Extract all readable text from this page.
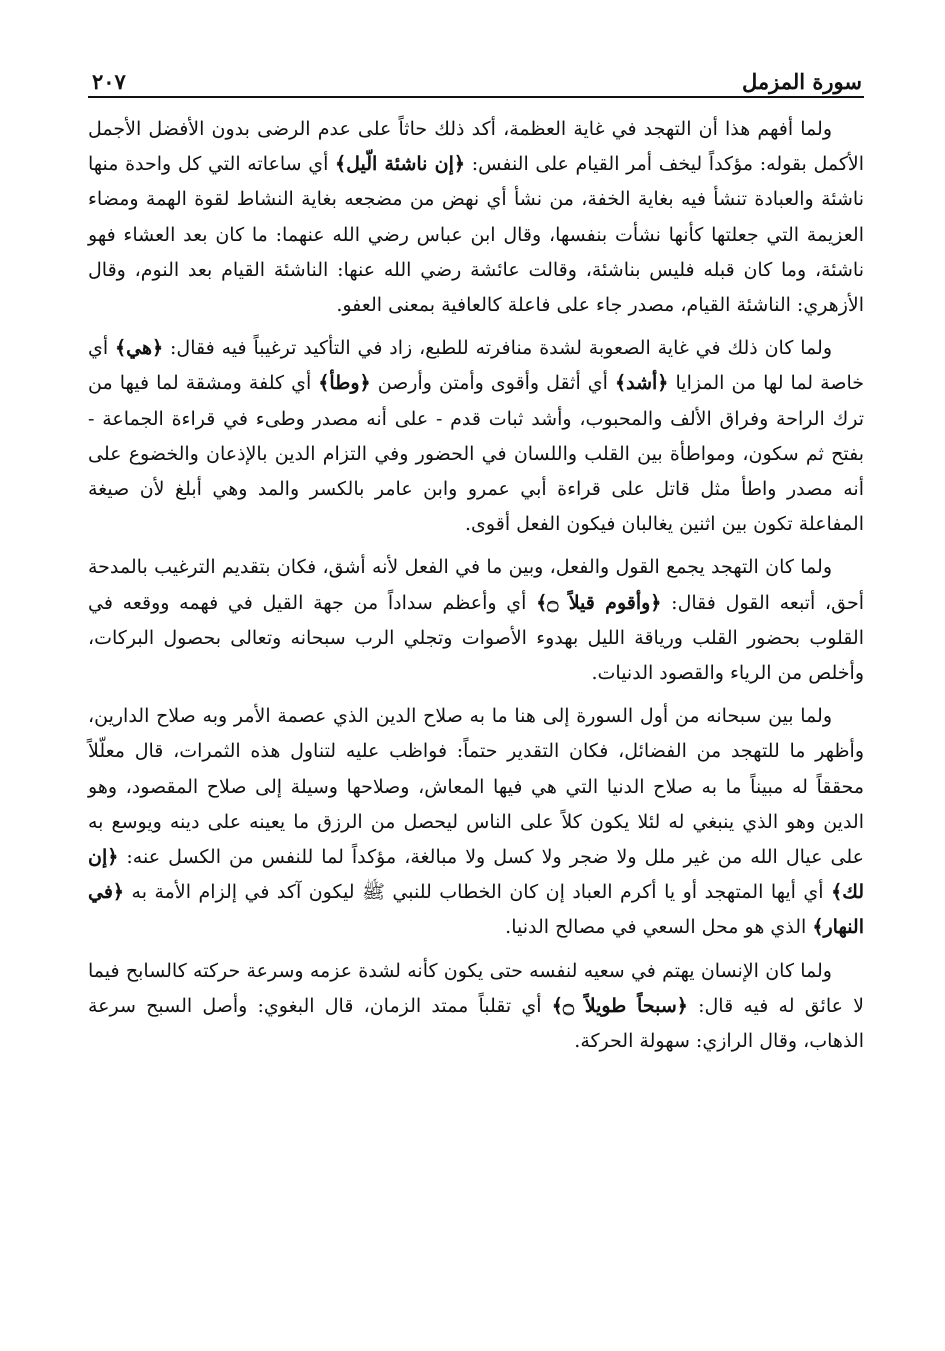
سورة المزمل
٢٠٧

ولما أفهم هذا أن التهجد في غاية العظمة، أكد ذلك حاثاً على عدم الرضى بدون الأفضل الأجمل الأكمل بقوله: مؤكداً ليخف أمر القيام على النفس: ﴿إن ناشئة الّيل﴾ أي ساعاته التي كل واحدة منها ناشئة والعبادة تنشأ فيه بغاية الخفة، من نشأ أي نهض من مضجعه بغاية النشاط لقوة الهمة ومضاء العزيمة التي جعلتها كأنها نشأت بنفسها، وقال ابن عباس رضي الله عنهما: ما كان بعد العشاء فهو ناشئة، وما كان قبله فليس بناشئة، وقالت عائشة رضي الله عنها: الناشئة القيام بعد النوم، وقال الأزهري: الناشئة القيام، مصدر جاء على فاعلة كالعافية بمعنى العفو.

ولما كان ذلك في غاية الصعوبة لشدة منافرته للطبع، زاد في التأكيد ترغيباً فيه فقال: ﴿هي﴾ أي خاصة لما لها من المزايا ﴿أشد﴾ أي أثقل وأقوى وأمتن وأرصن ﴿وطأ﴾ أي كلفة ومشقة لما فيها من ترك الراحة وفراق الألف والمحبوب، وأشد ثبات قدم - على أنه مصدر وطىء في قراءة الجماعة - بفتح ثم سكون، ومواطأة بين القلب واللسان في الحضور وفي التزام الدين بالإذعان والخضوع على أنه مصدر واطأ مثل قاتل على قراءة أبي عمرو وابن عامر بالكسر والمد وهي أبلغ لأن صيغة المفاعلة تكون بين اثنين يغالبان فيكون الفعل أقوى.

ولما كان التهجد يجمع القول والفعل، وبين ما في الفعل لأنه أشق، فكان بتقديم الترغيب بالمدحة أحق، أتبعه القول فقال: ﴿وأقوم قيلاً ۝﴾ أي وأعظم سداداً من جهة القيل في فهمه ووقعه في القلوب بحضور القلب ورياقة الليل بهدوء الأصوات وتجلي الرب سبحانه وتعالى بحصول البركات، وأخلص من الرياء والقصود الدنيات.

ولما بين سبحانه من أول السورة إلى هنا ما به صلاح الدين الذي عصمة الأمر وبه صلاح الدارين، وأظهر ما للتهجد من الفضائل، فكان التقدير حتماً: فواظب عليه لتناول هذه الثمرات، قال معلّلاً محققاً له مبيناً ما به صلاح الدنيا التي هي فيها المعاش، وصلاحها وسيلة إلى صلاح المقصود، وهو الدين وهو الذي ينبغي له لئلا يكون كلاً على الناس ليحصل من الرزق ما يعينه على دينه ويوسع به على عيال الله من غير ملل ولا ضجر ولا كسل ولا مبالغة، مؤكداً لما للنفس من الكسل عنه: ﴿إن لك﴾ أي أيها المتهجد أو يا أكرم العباد إن كان الخطاب للنبي ﷺ ليكون آكد في إلزام الأمة به ﴿في النهار﴾ الذي هو محل السعي في مصالح الدنيا.

ولما كان الإنسان يهتم في سعيه لنفسه حتى يكون كأنه لشدة عزمه وسرعة حركته كالسابح فيما لا عائق له فيه قال: ﴿سبحاً طويلاً ۝﴾ أي تقلباً ممتد الزمان، قال البغوي: وأصل السبح سرعة الذهاب، وقال الرازي: سهولة الحركة.
